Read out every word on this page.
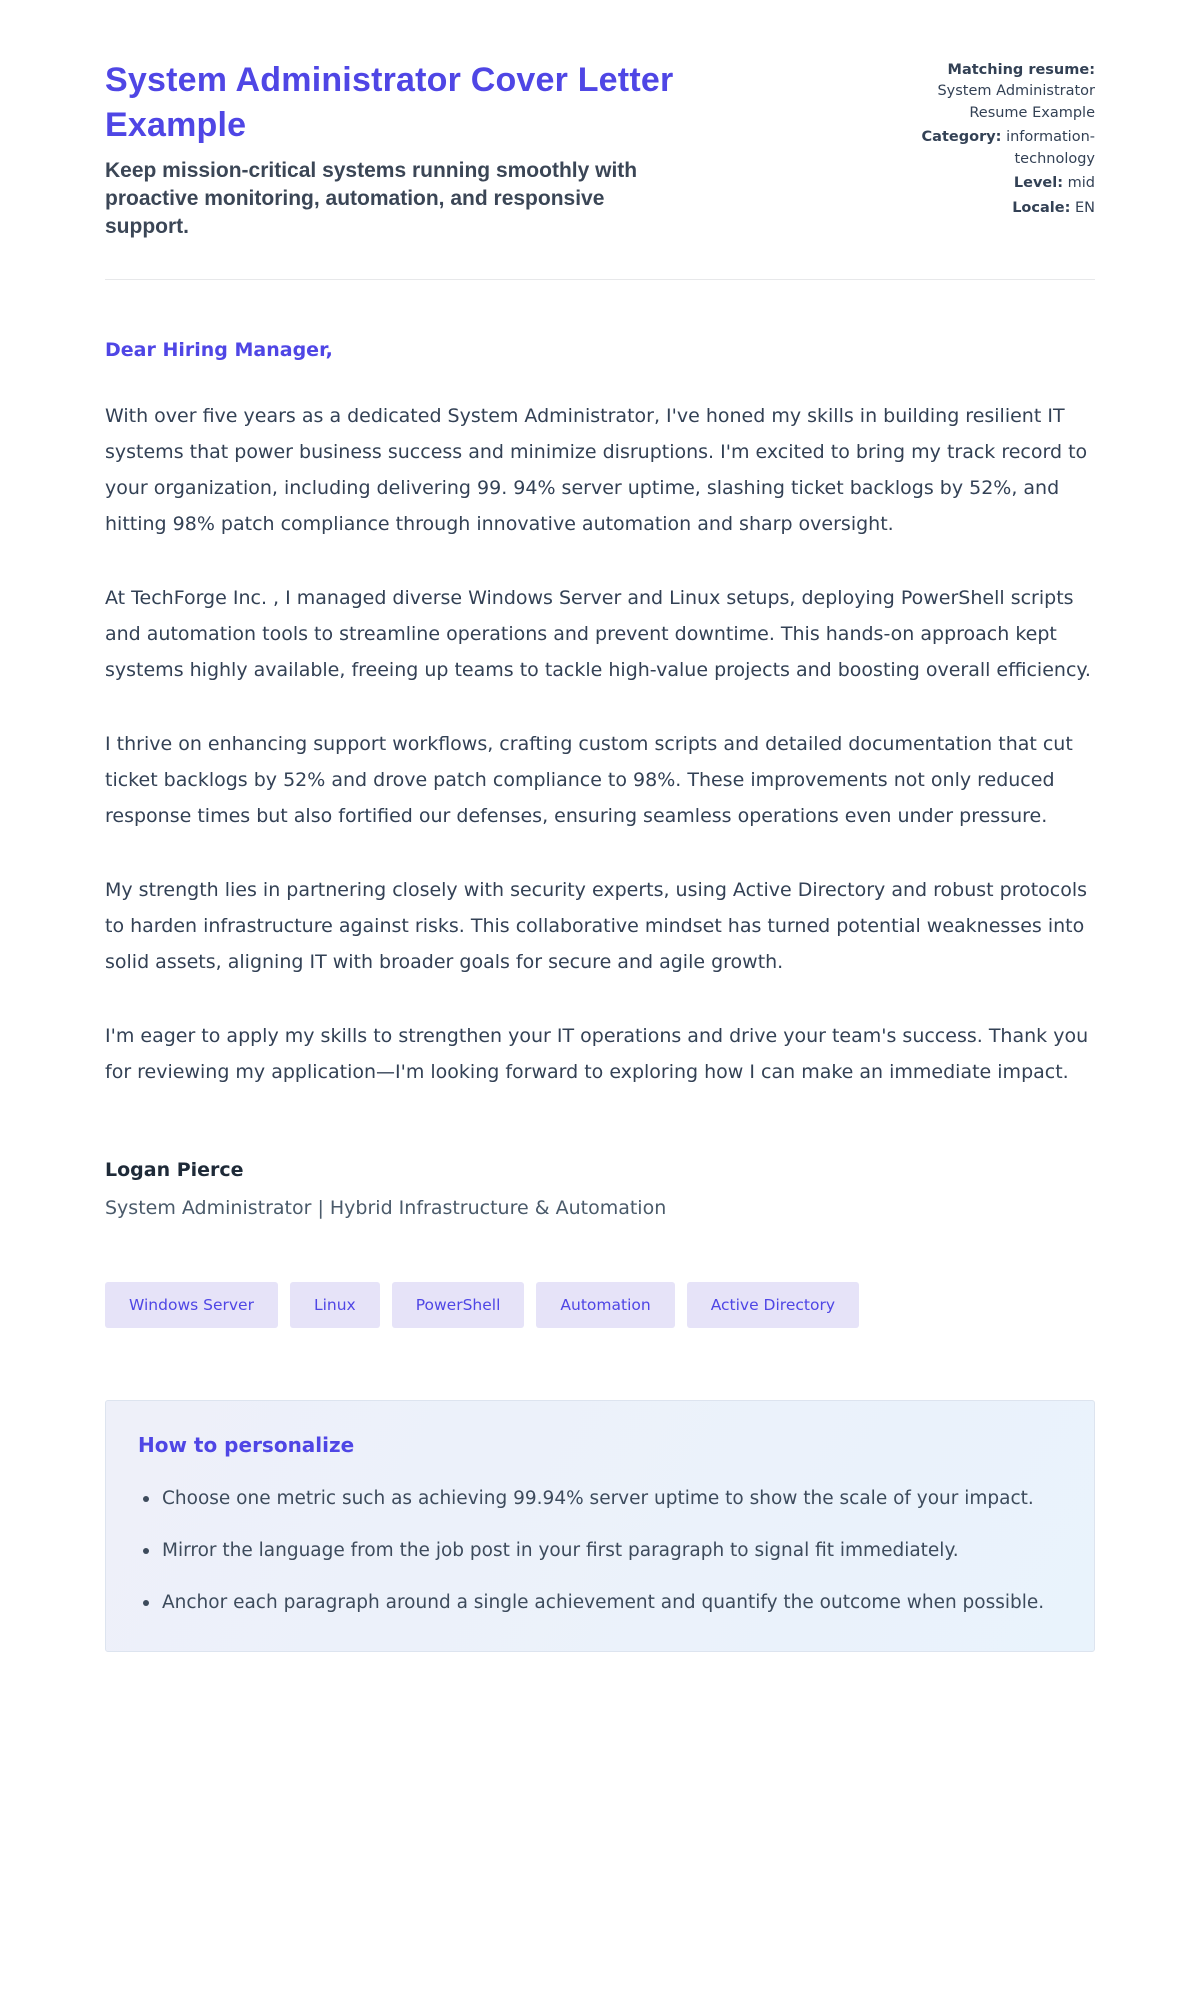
System Administrator Cover Letter Example
Keep mission-critical systems running smoothly with proactive monitoring, automation, and responsive support.
Matching resume:
System Administrator Resume Example
Category: information-technology
Level: mid
Locale: EN

Dear Hiring Manager,

With over five years as a dedicated System Administrator, I've honed my skills in building resilient IT systems that power business success and minimize disruptions. I'm excited to bring my track record to your organization, including delivering 99. 94% server uptime, slashing ticket backlogs by 52%, and hitting 98% patch compliance through innovative automation and sharp oversight.

At TechForge Inc. , I managed diverse Windows Server and Linux setups, deploying PowerShell scripts and automation tools to streamline operations and prevent downtime. This hands-on approach kept systems highly available, freeing up teams to tackle high-value projects and boosting overall efficiency.

I thrive on enhancing support workflows, crafting custom scripts and detailed documentation that cut ticket backlogs by 52% and drove patch compliance to 98%. These improvements not only reduced response times but also fortified our defenses, ensuring seamless operations even under pressure.

My strength lies in partnering closely with security experts, using Active Directory and robust protocols to harden infrastructure against risks. This collaborative mindset has turned potential weaknesses into solid assets, aligning IT with broader goals for secure and agile growth.

I'm eager to apply my skills to strengthen your IT operations and drive your team's success. Thank you for reviewing my application—I'm looking forward to exploring how I can make an immediate impact.

Logan Pierce

System Administrator | Hybrid Infrastructure & Automation

Windows Server	Linux	PowerShell	Automation	Active Directory
How to personalize
Choose one metric such as achieving 99.94% server uptime to show the scale of your impact.
Mirror the language from the job post in your first paragraph to signal fit immediately.
Anchor each paragraph around a single achievement and quantify the outcome when possible.
